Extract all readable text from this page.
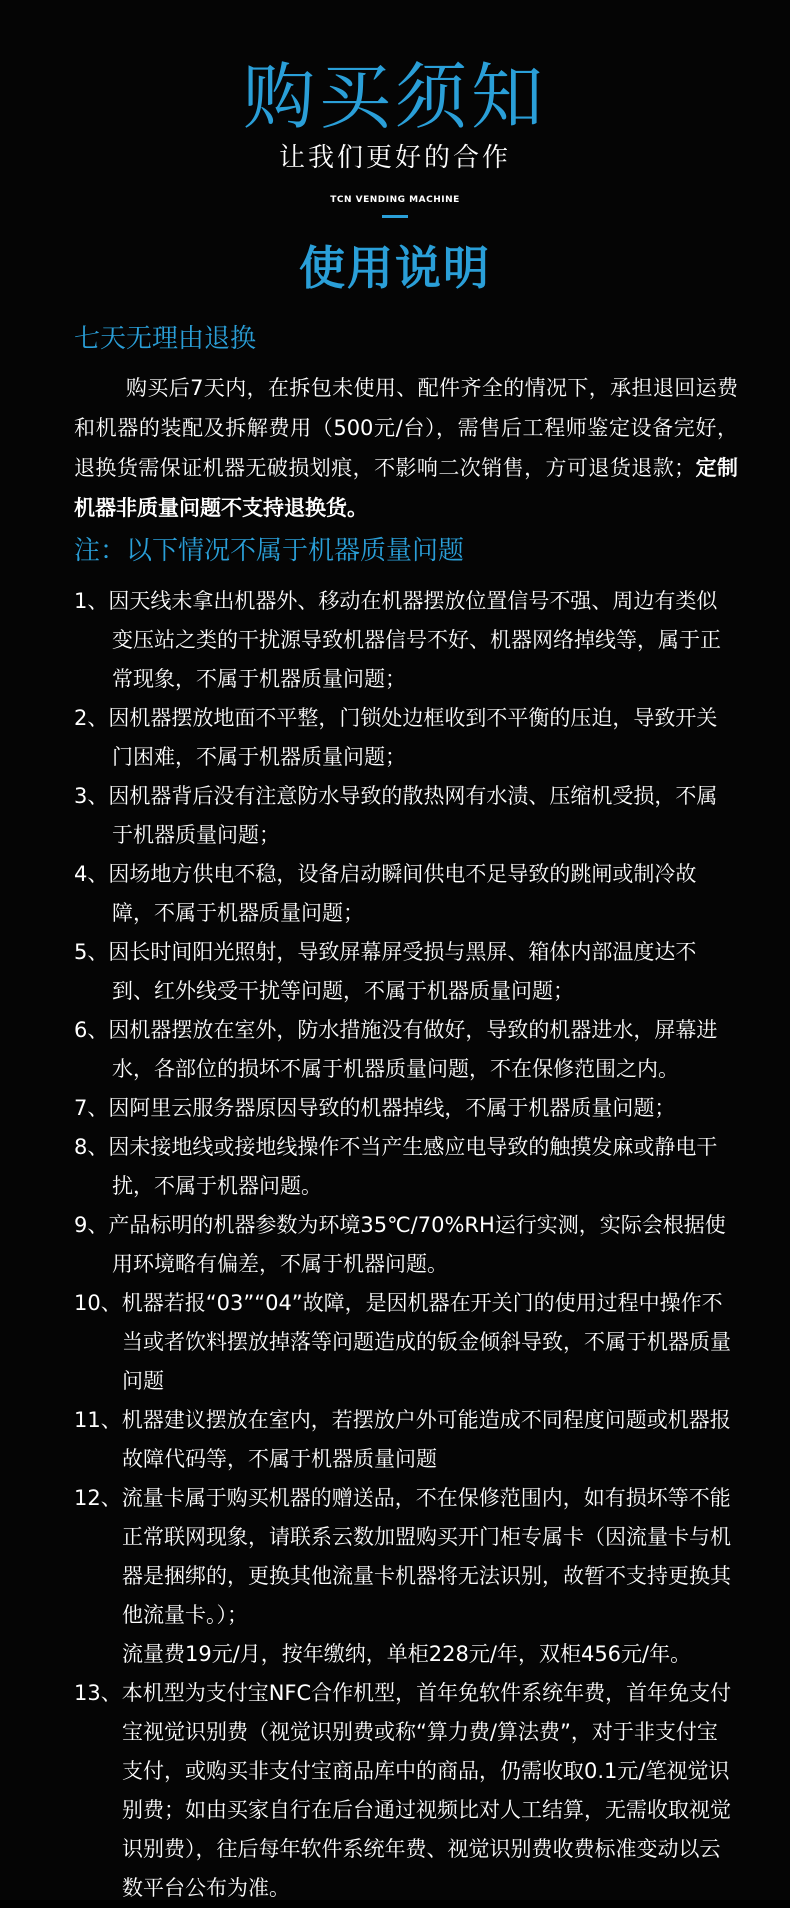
购买须知
让我们更好的合作
TCN VENDING MACHINE
使用说明
七天无理由退换
购买后7天内，在拆包未使用、配件齐全的情况下，承担退回运费和机器的装配及拆解费用（500元/台），需售后工程师鉴定设备完好，退换货需保证机器无破损划痕，不影响二次销售，方可退货退款；定制机器非质量问题不支持退换货。
注：以下情况不属于机器质量问题
1、因天线未拿出机器外、移动在机器摆放位置信号不强、周边有类似变压站之类的干扰源导致机器信号不好、机器网络掉线等，属于正常现象，不属于机器质量问题；
2、因机器摆放地面不平整，门锁处边框收到不平衡的压迫，导致开关门困难，不属于机器质量问题；
3、因机器背后没有注意防水导致的散热网有水渍、压缩机受损，不属于机器质量问题；
4、因场地方供电不稳，设备启动瞬间供电不足导致的跳闸或制冷故障，不属于机器质量问题；
5、因长时间阳光照射，导致屏幕屏受损与黑屏、箱体内部温度达不到、红外线受干扰等问题，不属于机器质量问题；
6、因机器摆放在室外，防水措施没有做好，导致的机器进水，屏幕进水，各部位的损坏不属于机器质量问题，不在保修范围之内。
7、因阿里云服务器原因导致的机器掉线，不属于机器质量问题；
8、因未接地线或接地线操作不当产生感应电导致的触摸发麻或静电干扰，不属于机器问题。
9、产品标明的机器参数为环境35℃/70%RH运行实测，实际会根据使用环境略有偏差，不属于机器问题。
10、机器若报“03”“04”故障，是因机器在开关门的使用过程中操作不当或者饮料摆放掉落等问题造成的钣金倾斜导致，不属于机器质量问题
11、机器建议摆放在室内，若摆放户外可能造成不同程度问题或机器报故障代码等，不属于机器质量问题
12、流量卡属于购买机器的赠送品，不在保修范围内，如有损坏等不能正常联网现象，请联系云数加盟购买开门柜专属卡（因流量卡与机器是捆绑的，更换其他流量卡机器将无法识别，故暂不支持更换其他流量卡。）；
流量费19元/月，按年缴纳，单柜228元/年，双柜456元/年。
13、本机型为支付宝NFC合作机型，首年免软件系统年费，首年免支付宝视觉识别费（视觉识别费或称“算力费/算法费”，对于非支付宝支付，或购买非支付宝商品库中的商品，仍需收取0.1元/笔视觉识别费；如由买家自行在后台通过视频比对人工结算，无需收取视觉识别费），往后每年软件系统年费、视觉识别费收费标准变动以云数平台公布为准。
